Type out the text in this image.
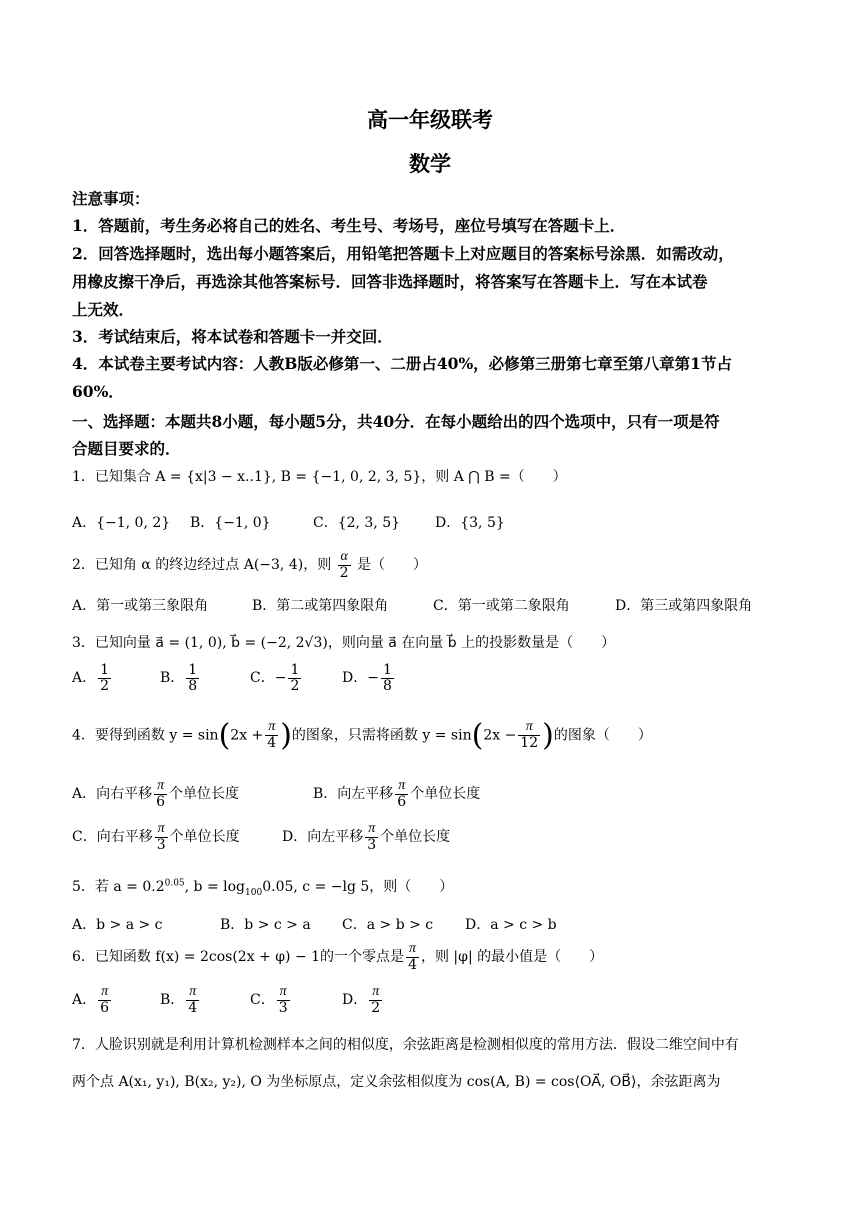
高一年级联考
数学
注意事项：
1．答题前，考生务必将自己的姓名、考生号、考场号，座位号填写在答题卡上．
2．回答选择题时，选出每小题答案后，用铅笔把答题卡上对应题目的答案标号涂黑．如需改动，
用橡皮擦干净后，再选涂其他答案标号．回答非选择题时，将答案写在答题卡上．写在本试卷
上无效．
3．考试结束后，将本试卷和答题卡一并交回．
4．本试卷主要考试内容：人教B版必修第一、二册占40%，必修第三册第七章至第八章第1节占
60%．
一、选择题：本题共8小题，每小题5分，共40分．在每小题给出的四个选项中，只有一项是符
合题目要求的．
1．已知集合 A = {x|3 − x..1}, B = {−1, 0, 2, 3, 5}，则 A ⋂ B =（　　）
A．{−1, 0, 2} B．{−1, 0}	C．{2, 3, 5} D．{3, 5}
2．已知角 α 的终边经过点 A(−3, 4)，则 $\frac{\alpha}{2}$ 是（　　）
A．第一或第三象限角	B．第二或第四象限角	C．第一或第二象限角	D．第三或第四象限角
3．已知向量 a⃗ = (1, 0), b⃗ = (−2, 2√3)，则向量 a⃗ 在向量 b⃗ 上的投影数量是（　　）
A． $\frac{1}{2}$	B． $\frac{1}{8}$	C．− $\frac{1}{2}$	D．− $\frac{1}{8}$
4．要得到函数 $y = \sin(2x + \frac{\pi}{4}$ )的图象，只需将函数 $y = \sin(2x - \frac{\pi}{12}$ )的图象（　　）
A．向右平移 $\frac{\pi}{6}$ 个单位长度	B．向左平移 $\frac{\pi}{6}$ 个单位长度
C．向右平移 $\frac{\pi}{3}$ 个单位长度	D．向左平移 $\frac{\pi}{3}$ 个单位长度
5．若 $a = 0.2^{0.05}$, $b = \log_{100}0.05$, c = −lg 5，则（　　）
A．b > a > c	B．b > c > a C．a > b > c D．a > c > b
6．已知函数 f(x) = 2cos(2x + φ) − 1的一个零点是 $\frac{\pi}{4}$ ，则 |φ| 的最小值是（　　）
A． $\frac{\pi}{6}$	B． $\frac{\pi}{4}$	C． $\frac{\pi}{3}$	D． $\frac{\pi}{2}$
7．人脸识别就是利用计算机检测样本之间的相似度，余弦距离是检测相似度的常用方法．假设二维空间中有
两个点 A(x₁, y₁), B(x₂, y₂), O 为坐标原点，定义余弦相似度为 cos(A, B) = cos⟨OA⃗, OB⃗⟩，余弦距离为
